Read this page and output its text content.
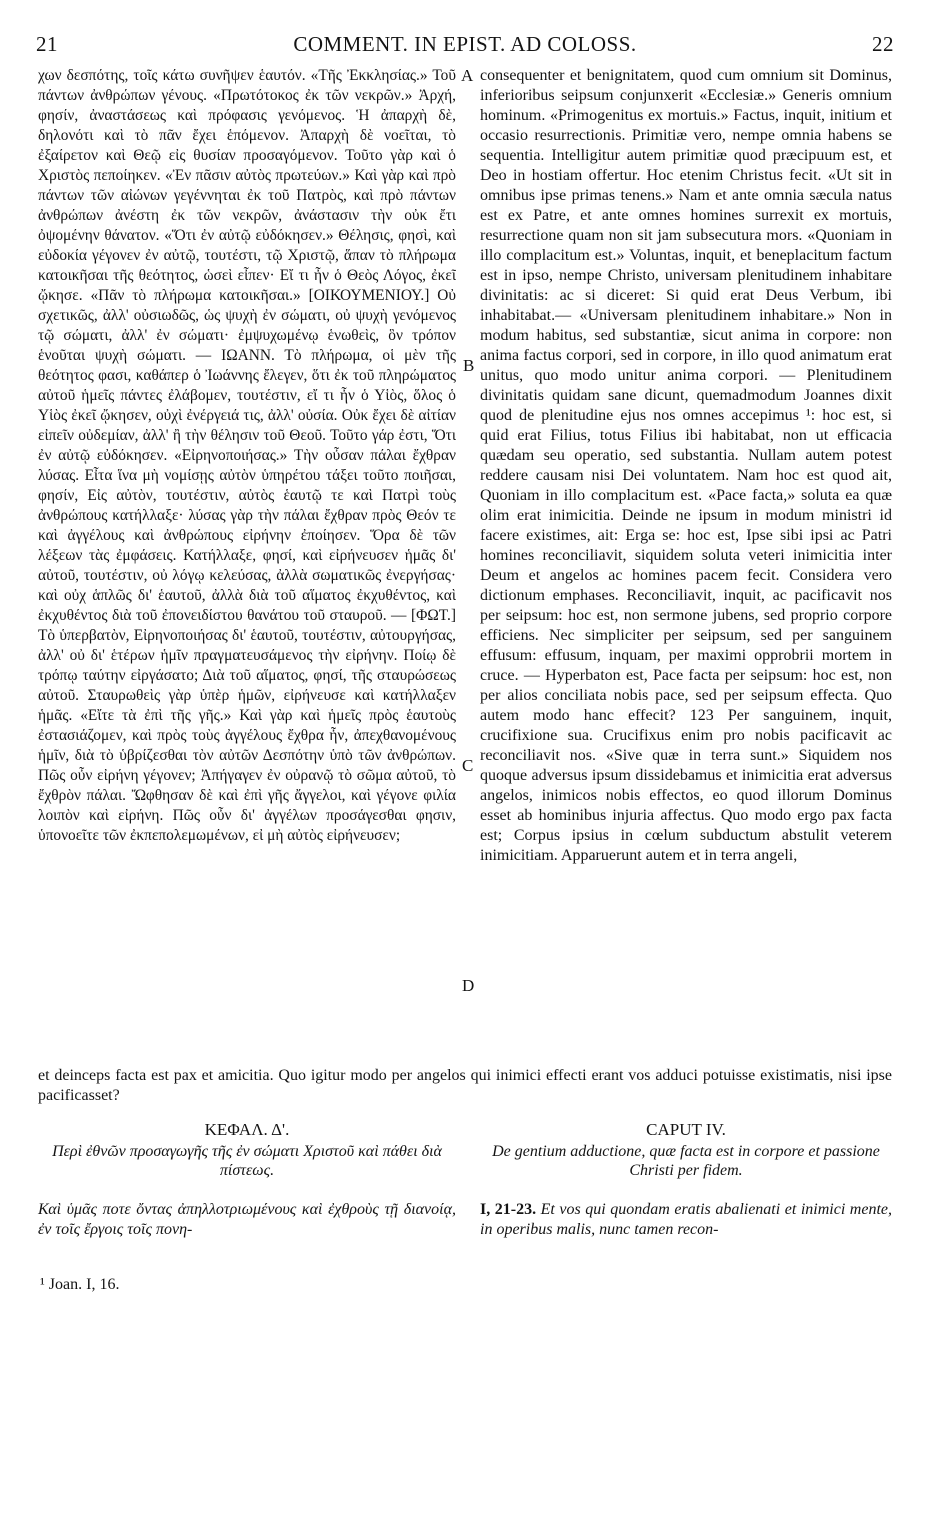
21	COMMENT. IN EPIST. AD COLOSS.	22
χων δεσπότης, τοῖς κάτω συνῆψεν ἑαυτόν. «Τῆς Ἐκκλησίας.» Τοῦ πάντων ἀνθρώπων γένους. «Πρωτότοκος ἐκ τῶν νεκρῶν.» Ἀρχή, φησίν, ἀναστάσεως καὶ πρόφασις γενόμενος. Ἡ ἀπαρχὴ δὲ, δηλονότι καὶ τὸ πᾶν ἔχει ἑπόμενον. Ἀπαρχὴ δὲ νοεῖται, τὸ ἐξαίρετον καὶ Θεῷ εἰς θυσίαν προσαγόμενον. Τοῦτο γὰρ καὶ ὁ Χριστὸς πεποίηκεν. «Ἐν πᾶσιν αὐτὸς πρωτεύων.» Καὶ γὰρ καὶ πρὸ πάντων τῶν αἰώνων γεγέννηται ἐκ τοῦ Πατρὸς, καὶ πρὸ πάντων ἀνθρώπων ἀνέστη ἐκ τῶν νεκρῶν, ἀνάστασιν τὴν οὐκ ἔτι ὀψομένην θάνατον. «Ὅτι ἐν αὐτῷ εὐδόκησεν.» Θέλησις, φησὶ, καὶ εὐδοκία γέγονεν ἐν αὐτῷ, τουτέστι, τῷ Χριστῷ, ἅπαν τὸ πλήρωμα κατοικῆσαι τῆς θεότητος, ὡσεὶ εἶπεν· Εἴ τι ἦν ὁ Θεὸς Λόγος, ἐκεῖ ᾤκησε. «Πᾶν τὸ πλήρωμα κατοικῆσαι.» [ΟΙΚΟΥΜΕΝΙΟΥ.] Οὐ σχετικῶς, ἀλλ' οὐσιωδῶς, ὡς ψυχὴ ἐν σώματι, οὐ ψυχὴ γενόμενος τῷ σώματι, ἀλλ' ἐν σώματι· ἐμψυχωμένῳ ἑνωθεὶς, ὃν τρόπον ἑνοῦται ψυχὴ σώματι. — ΙΩΑΝΝ. Τὸ πλήρωμα, οἱ μὲν τῆς θεότητος φασι, καθάπερ ὁ Ἰωάννης ἔλεγεν, ὅτι ἐκ τοῦ πληρώματος αὐτοῦ ἡμεῖς πάντες ἐλάβομεν, τουτέστιν, εἴ τι ἦν ὁ Υἱὸς, ὅλος ὁ Υἱὸς ἐκεῖ ᾤκησεν, οὐχὶ ἐνέργειά τις, ἀλλ' οὐσία. Οὐκ ἔχει δὲ αἰτίαν εἰπεῖν οὐδεμίαν, ἀλλ' ἢ τὴν θέλησιν τοῦ Θεοῦ. Τοῦτο γάρ ἐστι, Ὅτι ἐν αὐτῷ εὐδόκησεν. «Εἰρηνοποιήσας.» Τὴν οὖσαν πάλαι ἔχθραν λύσας. Εἶτα ἵνα μὴ νομίσῃς αὐτὸν ὑπηρέτου τάξει τοῦτο ποιῆσαι, φησίν, Εἰς αὐτὸν, τουτέστιν, αὐτὸς ἑαυτῷ τε καὶ Πατρὶ τοὺς ἀνθρώπους κατήλλαξε· λύσας γὰρ τὴν πάλαι ἔχθραν πρὸς Θεόν τε καὶ ἀγγέλους καὶ ἀνθρώπους εἰρήνην ἐποίησεν. Ὅρα δὲ τῶν λέξεων τὰς ἐμφάσεις. Κατήλλαξε, φησί, καὶ εἰρήνευσεν ἡμᾶς δι' αὐτοῦ, τουτέστιν, οὐ λόγῳ κελεύσας, ἀλλὰ σωματικῶς ἐνεργήσας· καὶ οὐχ ἁπλῶς δι' ἑαυτοῦ, ἀλλὰ διὰ τοῦ αἵματος ἐκχυθέντος, καὶ ἐκχυθέντος διὰ τοῦ ἐπονειδίστου θανάτου τοῦ σταυροῦ. — [ΦΩΤ.] Τὸ ὑπερβατὸν, Εἰρηνοποιήσας δι' ἑαυτοῦ, τουτέστιν, αὐτουργήσας, ἀλλ' οὐ δι' ἑτέρων ἡμῖν πραγματευσάμενος τὴν εἰρήνην. Ποίῳ δὲ τρόπῳ ταύτην εἰργάσατο; Διὰ τοῦ αἵματος, φησί, τῆς σταυρώσεως αὐτοῦ. Σταυρωθεὶς γὰρ ὑπὲρ ἡμῶν, εἰρήνευσε καὶ κατήλλαξεν ἡμᾶς. «Εἴτε τὰ ἐπὶ τῆς γῆς.» Καὶ γὰρ καὶ ἡμεῖς πρὸς ἑαυτοὺς ἐστασιάζομεν, καὶ πρὸς τοὺς ἀγγέλους ἔχθρα ἦν, ἀπεχθανομένους ἡμῖν, διὰ τὸ ὑβρίζεσθαι τὸν αὐτῶν Δεσπότην ὑπὸ τῶν ἀνθρώπων. Πῶς οὖν εἰρήνη γέγονεν; Ἀπήγαγεν ἐν οὐρανῷ τὸ σῶμα αὐτοῦ, τὸ ἔχθρὸν πάλαι. Ὤφθησαν δὲ καὶ ἐπὶ γῆς ἄγγελοι, καὶ γέγονε φιλία λοιπὸν καὶ εἰρήνη. Πῶς οὖν δι' ἀγγέλων προσάγεσθαι φησιν, ὑπονοεῖτε τῶν ἐκπεπολεμωμένων, εἰ μὴ αὐτὸς εἰρήνευσεν;
consequenter et benignitatem, quod cum omnium sit Dominus, inferioribus seipsum conjunxerit «Ecclesiæ.» Generis omnium hominum. «Primogenitus ex mortuis.» Factus, inquit, initium et occasio resurrectionis. Primitiæ vero, nempe omnia habens se sequentia. Intelligitur autem primitiæ quod præcipuum est, et Deo in hostiam offertur. Hoc etenim Christus fecit. «Ut sit in omnibus ipse primas tenens.» Nam et ante omnia sæcula natus est ex Patre, et ante omnes homines surrexit ex mortuis, resurrectione quam non sit jam subsecutura mors. «Quoniam in illo complacitum est.» Voluntas, inquit, et beneplacitum factum est in ipso, nempe Christo, universam plenitudinem inhabitare divinitatis: ac si diceret: Si quid erat Deus Verbum, ibi inhabitabat.— «Universam plenitudinem inhabitare.» Non in modum habitus, sed substantiæ, sicut anima in corpore: non anima factus corpori, sed in corpore, in illo quod animatum erat unitus, quo modo unitur anima corpori. — Plenitudinem divinitatis quidam sane dicunt, quemadmodum Joannes dixit quod de plenitudine ejus nos omnes accepimus ¹: hoc est, si quid erat Filius, totus Filius ibi habitabat, non ut efficacia quædam seu operatio, sed substantia. Nullam autem potest reddere causam nisi Dei voluntatem. Nam hoc est quod ait, Quoniam in illo complacitum est. «Pace facta,» soluta ea quæ olim erat inimicitia. Deinde ne ipsum in modum ministri id facere existimes, ait: Erga se: hoc est, Ipse sibi ipsi ac Patri homines reconciliavit, siquidem soluta veteri inimicitia inter Deum et angelos ac homines pacem fecit. Considera vero dictionum emphases. Reconciliavit, inquit, ac pacificavit nos per seipsum: hoc est, non sermone jubens, sed proprio corpore efficiens. Nec simpliciter per seipsum, sed per sanguinem effusum: effusum, inquam, per maximi opprobrii mortem in cruce. — Hyperbaton est, Pace facta per seipsum: hoc est, non per alios conciliata nobis pace, sed per seipsum effecta. Quo autem modo hanc effecit? 123 Per sanguinem, inquit, crucifixione sua. Crucifixus enim pro nobis pacificavit ac reconciliavit nos. «Sive quæ in terra sunt.» Siquidem nos quoque adversus ipsum dissidebamus et inimicitia erat adversus angelos, inimicos nobis effectos, eo quod illorum Dominus esset ab hominibus injuria affectus. Quo modo ergo pax facta est; Corpus ipsius in cœlum subductum abstulit veterem inimicitiam. Apparuerunt autem et in terra angeli,
A
B
C
D
et deinceps facta est pax et amicitia. Quo igitur modo per angelos qui inimici effecti erant vos adduci potuisse existimatis, nisi ipse pacificasset?
ΚΕΦΑΛ. Δ'.
Περὶ ἐθνῶν προσαγωγῆς τῆς ἐν σώματι Χριστοῦ καὶ πάθει διὰ πίστεως.
CAPUT IV.
De gentium adductione, quæ facta est in corpore et passione Christi per fidem.
Καὶ ὑμᾶς ποτε ὄντας ἀπηλλοτριωμένους καὶ ἐχθροὺς τῇ διανοίᾳ, ἐν τοῖς ἔργοις τοῖς πονη-
I, 21-23. Et vos qui quondam eratis abalienati et inimici mente, in operibus malis, nunc tamen recon-
¹ Joan. I, 16.
